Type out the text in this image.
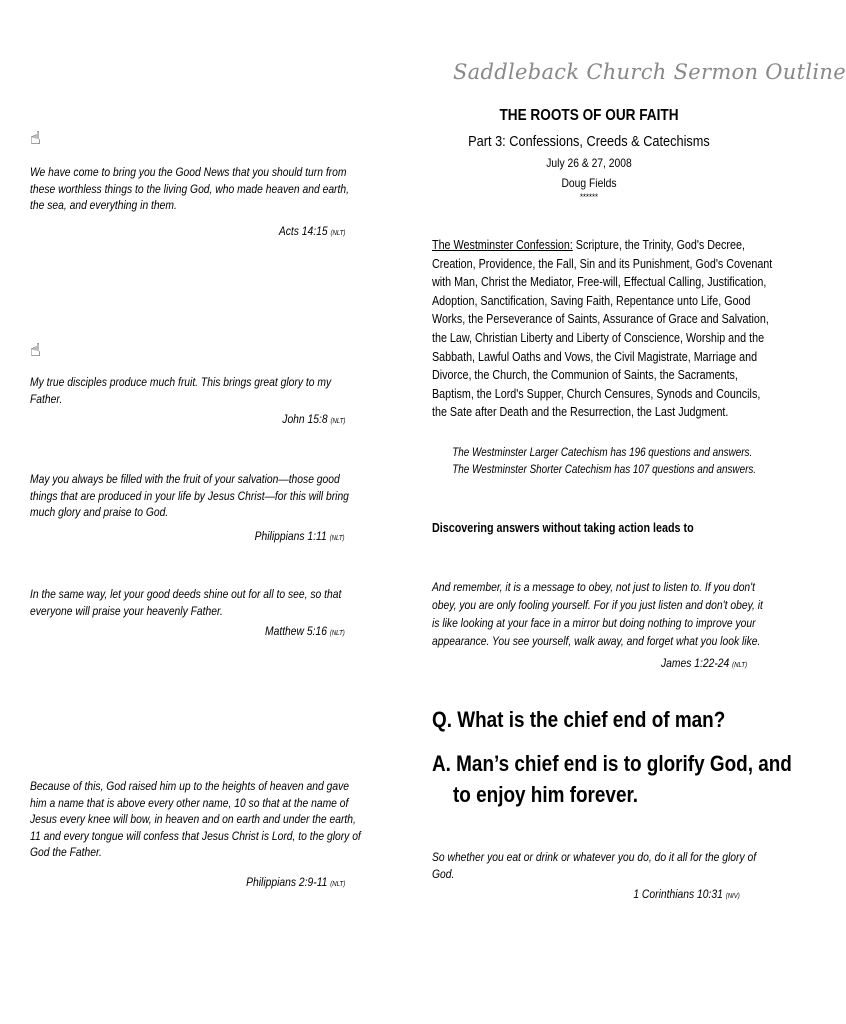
Saddleback Church Sermon Outline
THE ROOTS OF OUR FAITH
Part 3: Confessions, Creeds & Catechisms
July 26 & 27, 2008
Doug Fields
******
☝
We have come to bring you the Good News that you should turn from
these worthless things to the living God, who made heaven and earth,
the sea, and everything in them.
Acts 14:15 (NLT)
☝
My true disciples produce much fruit. This brings great glory to my
Father.
John 15:8 (NLT)
May you always be filled with the fruit of your salvation—those good
things that are produced in your life by Jesus Christ—for this will bring
much glory and praise to God.
Philippians 1:11 (NLT)
In the same way, let your good deeds shine out for all to see, so that
everyone will praise your heavenly Father.
Matthew 5:16 (NLT)
Because of this, God raised him up to the heights of heaven and gave
him a name that is above every other name, 10 so that at the name of
Jesus every knee will bow, in heaven and on earth and under the earth,
11 and every tongue will confess that Jesus Christ is Lord, to the glory of
God the Father.
Philippians 2:9-11 (NLT)
The Westminster Confession: Scripture, the Trinity, God's Decree,
Creation, Providence, the Fall, Sin and its Punishment, God's Covenant
with Man, Christ the Mediator, Free-will, Effectual Calling, Justification,
Adoption, Sanctification, Saving Faith, Repentance unto Life, Good
Works, the Perseverance of Saints, Assurance of Grace and Salvation,
the Law, Christian Liberty and Liberty of Conscience, Worship and the
Sabbath, Lawful Oaths and Vows, the Civil Magistrate, Marriage and
Divorce, the Church, the Communion of Saints, the Sacraments,
Baptism, the Lord's Supper, Church Censures, Synods and Councils,
the Sate after Death and the Resurrection, the Last Judgment.
The Westminster Larger Catechism has 196 questions and answers.
The Westminster Shorter Catechism has 107 questions and answers.
Discovering answers without taking action leads to
And remember, it is a message to obey, not just to listen to. If you don't
obey, you are only fooling yourself. For if you just listen and don't obey, it
is like looking at your face in a mirror but doing nothing to improve your
appearance. You see yourself, walk away, and forget what you look like.
James 1:22-24 (NLT)
Q. What is the chief end of man?
A. Man’s chief end is to glorify God, and
to enjoy him forever.
So whether you eat or drink or whatever you do, do it all for the glory of
God.
1 Corinthians 10:31 (NIV)
